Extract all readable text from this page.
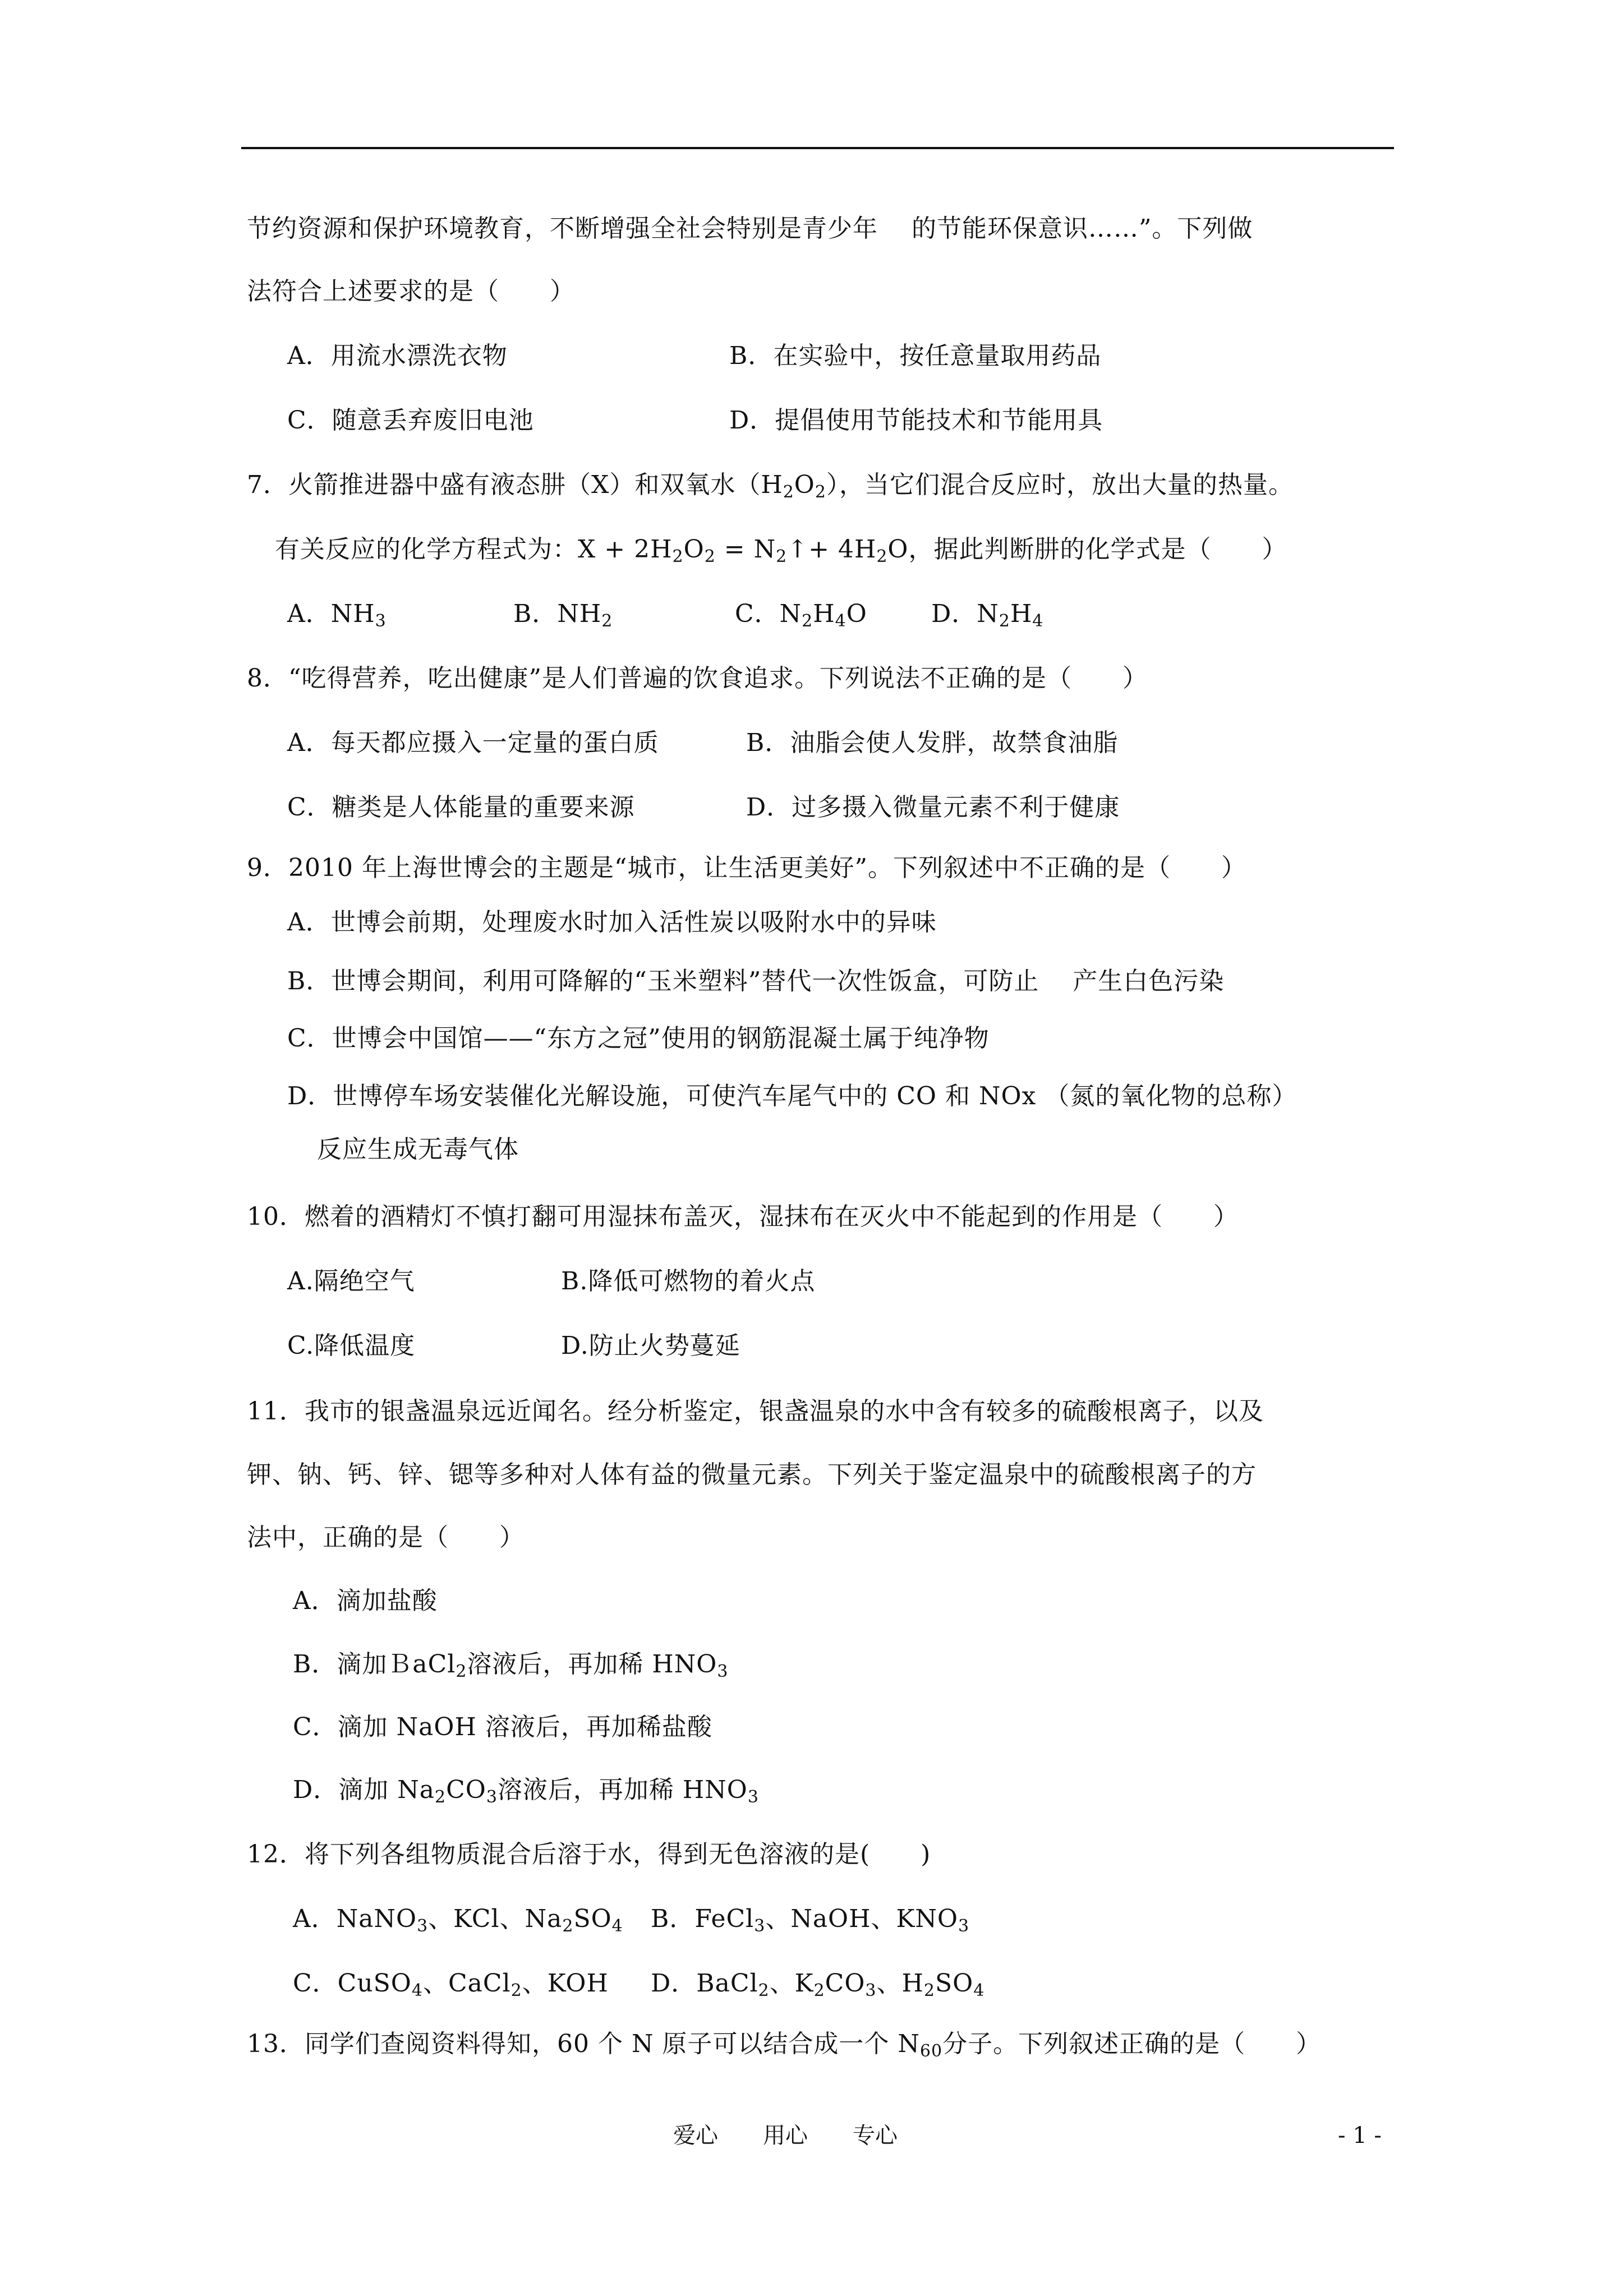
节约资源和保护环境教育，不断增强全社会特别是青少年    的节能环保意识……”。下列做
法符合上述要求的是（　　）
A．用流水漂洗衣物	B．在实验中，按任意量取用药品
C．随意丢弃废旧电池	D．提倡使用节能技术和节能用具
7．火箭推进器中盛有液态肼（X）和双氧水$(H_2O_2)$，当它们混合反应时，放出大量的热量。
有关反应的化学方程式为：$X + 2H_2O_2$ = $N_2↑+ 4H_2O$，据此判断肼的化学式是（　　）
A．$NH_3$	B．$NH_2$	C．$N_2H_4O$	D．$N_2H_4$
8．“吃得营养，吃出健康”是人们普遍的饮食追求。下列说法不正确的是（　　）
A．每天都应摄入一定量的蛋白质	B．油脂会使人发胖，故禁食油脂
C．糖类是人体能量的重要来源	D．过多摄入微量元素不利于健康
9．2010 年上海世博会的主题是“城市，让生活更美好”。下列叙述中不正确的是（　　）
A．世博会前期，处理废水时加入活性炭以吸附水中的异味
B．世博会期间，利用可降解的“玉米塑料”替代一次性饭盒，可防止    产生白色污染
C．世博会中国馆——“东方之冠”使用的钢筋混凝土属于纯净物
D．世博停车场安装催化光解设施，可使汽车尾气中的 CO 和 NOx （氮的氧化物的总称）
反应生成无毒气体
10．燃着的酒精灯不慎打翻可用湿抹布盖灭，湿抹布在灭火中不能起到的作用是（　　）
A.隔绝空气	B.降低可燃物的着火点
C.降低温度	D.防止火势蔓延
11．我市的银盏温泉远近闻名。经分析鉴定，银盏温泉的水中含有较多的硫酸根离子，以及
钾、钠、钙、锌、锶等多种对人体有益的微量元素。下列关于鉴定温泉中的硫酸根离子的方
法中，正确的是（　　）
A．滴加盐酸
B．滴加ＢaCl$_2$溶液后，再加稀 $HNO_3$
C．滴加 NaOH 溶液后，再加稀盐酸
D．滴加 $Na_2CO_3$溶液后，再加稀 $HNO_3$
12．将下列各组物质混合后溶于水，得到无色溶液的是(　　)
A．NaNO$_3$、KCl、$Na_2SO_4$ B．FeCl$_3$、NaOH、$KNO_3$
C．CuSO$_4$、CaCl$_2$、KOH D．BaCl$_2$、$K_2CO_3$、$H_2SO_4$
13．同学们查阅资料得知，60 个 N 原子可以结合成一个 $N_{60}$分子。下列叙述正确的是（　　）
爱心　　用心　　专心	- 1 -
